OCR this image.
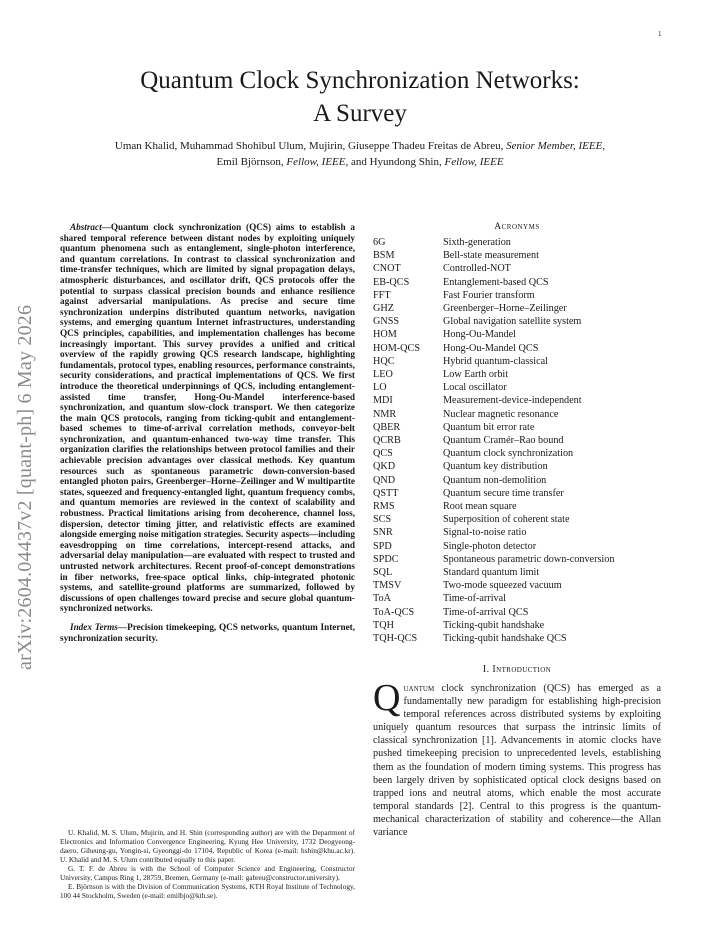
1
arXiv:2604.04437v2 [quant-ph] 6 May 2026
Quantum Clock Synchronization Networks:
A Survey
Uman Khalid, Muhammad Shohibul Ulum, Mujirin, Giuseppe Thadeu Freitas de Abreu, Senior Member, IEEE,
Emil Björnson, Fellow, IEEE, and Hyundong Shin, Fellow, IEEE

Abstract—Quantum clock synchronization (QCS) aims to establish a shared temporal reference between distant nodes by exploiting uniquely quantum phenomena such as entanglement, single-photon interference, and quantum correlations. In contrast to classical synchronization and time-transfer techniques, which are limited by signal propagation delays, atmospheric disturbances, and oscillator drift, QCS protocols offer the potential to surpass classical precision bounds and enhance resilience against adversarial manipulations. As precise and secure time synchronization underpins distributed quantum networks, navigation systems, and emerging quantum Internet infrastructures, understanding QCS principles, capabilities, and implementation challenges has become increasingly important. This survey provides a unified and critical overview of the rapidly growing QCS research landscape, highlighting fundamentals, protocol types, enabling resources, performance constraints, security considerations, and practical implementations of QCS. We first introduce the theoretical underpinnings of QCS, including entanglement-assisted time transfer, Hong-Ou-Mandel interference-based synchronization, and quantum slow-clock transport. We then categorize the main QCS protocols, ranging from ticking-qubit and entanglement-based schemes to time-of-arrival correlation methods, conveyor-belt synchronization, and quantum-enhanced two-way time transfer. This organization clarifies the relationships between protocol families and their achievable precision advantages over classical methods. Key quantum resources such as spontaneous parametric down-conversion-based entangled photon pairs, Greenberger–Horne–Zeilinger and W multipartite states, squeezed and frequency-entangled light, quantum frequency combs, and quantum memories are reviewed in the context of scalability and robustness. Practical limitations arising from decoherence, channel loss, dispersion, detector timing jitter, and relativistic effects are examined alongside emerging noise mitigation strategies. Security aspects—including eavesdropping on time correlations, intercept-resend attacks, and adversarial delay manipulation—are evaluated with respect to trusted and untrusted network architectures. Recent proof-of-concept demonstrations in fiber networks, free-space optical links, chip-integrated photonic systems, and satellite-ground platforms are summarized, followed by discussions of open challenges toward precise and secure global quantum-synchronized networks.

Index Terms—Precision timekeeping, QCS networks, quantum Internet, synchronization security.

U. Khalid, M. S. Ulum, Mujirin, and H. Shin (corresponding author) are with the Department of Electronics and Information Convergence Engineering, Kyung Hee University, 1732 Deogyeong-daero, Giheung-gu, Yongin-si, Gyeonggi-do 17104, Republic of Korea (e-mail: hshin@khu.ac.kr). U. Khalid and M. S. Ulum contributed equally to this paper.

G. T. F. de Abreu is with the School of Computer Science and Engineering, Constructor University, Campus Ring 1, 28759, Bremen, Germany (e-mail: gabreu@constructor.university).

E. Björnson is with the Division of Communication Systems, KTH Royal Institute of Technology, 100 44 Stockholm, Sweden (e-mail: emilbjo@kth.se).

Acronyms
6G	Sixth-generation
BSM	Bell-state measurement
CNOT	Controlled-NOT
EB-QCS	Entanglement-based QCS
FFT	Fast Fourier transform
GHZ	Greenberger–Horne–Zeilinger
GNSS	Global navigation satellite system
HOM	Hong-Ou-Mandel
HOM-QCS	Hong-Ou-Mandel QCS
HQC	Hybrid quantum-classical
LEO	Low Earth orbit
LO	Local oscillator
MDI	Measurement-device-independent
NMR	Nuclear magnetic resonance
QBER	Quantum bit error rate
QCRB	Quantum Cramér–Rao bound
QCS	Quantum clock synchronization
QKD	Quantum key distribution
QND	Quantum non-demolition
QSTT	Quantum secure time transfer
RMS	Root mean square
SCS	Superposition of coherent state
SNR	Signal-to-noise ratio
SPD	Single-photon detector
SPDC	Spontaneous parametric down-conversion
SQL	Standard quantum limit
TMSV	Two-mode squeezed vacuum
ToA	Time-of-arrival
ToA-QCS	Time-of-arrival QCS
TQH	Ticking-qubit handshake
TQH-QCS	Ticking-qubit handshake QCS
I. Introduction

Quantum clock synchronization (QCS) has emerged as a fundamentally new paradigm for establishing high-precision temporal references across distributed systems by exploiting uniquely quantum resources that surpass the intrinsic limits of classical synchronization [1]. Advancements in atomic clocks have pushed timekeeping precision to unprecedented levels, establishing them as the foundation of modern timing systems. This progress has been largely driven by sophisticated optical clock designs based on trapped ions and neutral atoms, which enable the most accurate temporal standards [2]. Central to this progress is the quantum-mechanical characterization of stability and coherence—the Allan variance
